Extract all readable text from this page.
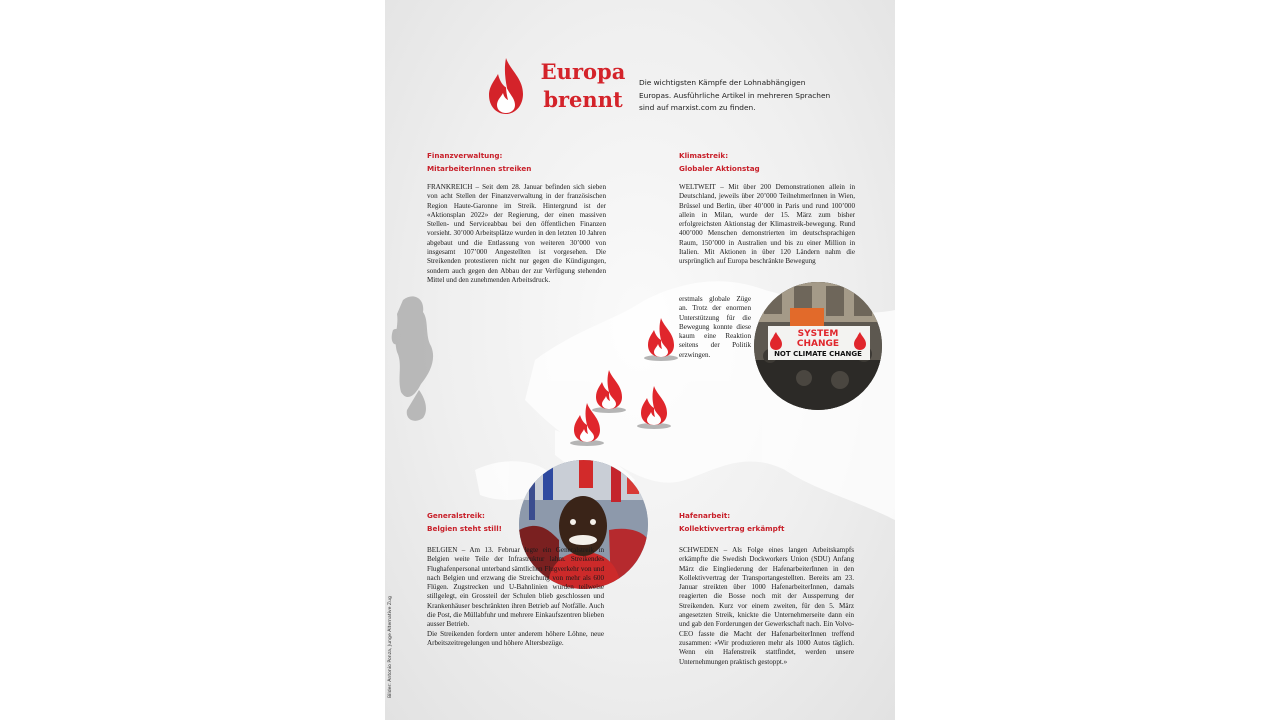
Europa
brennt
Die wichtigsten Kämpfe der Lohnabhängigen Europas. Ausführliche Artikel in mehreren Sprachen sind auf marxist.com zu finden.
Finanzverwaltung:
MitarbeiterInnen streiken

FRANKREICH – Seit dem 28. Januar befinden sich sieben von acht Stellen der Finanzverwaltung in der französischen Region Haute-Garonne im Streik. Hintergrund ist der «Aktionsplan 2022» der Regierung, der einen massiven Stellen- und Serviceabbau bei den öffentlichen Finanzen vorsieht. 30’000 Arbeitsplätze wurden in den letzten 10 Jahren abgebaut und die Entlassung von weiteren 30’000 von insgesamt 107’000 Angestellten ist vorgesehen. Die Streikenden protestieren nicht nur gegen die Kündigungen, sondern auch gegen den Abbau der zur Verfügung stehenden Mittel und den zunehmenden Arbeitsdruck.

Klimastreik:
Globaler Aktionstag

WELTWEIT – Mit über 200 Demonstrationen allein in Deutschland, jeweils über 20’000 TeilnehmerInnen in Wien, Brüssel und Berlin, über 40’000 in Paris und rund 100’000 allein in Milan, wurde der 15. März zum bisher erfolgreichsten Aktionstag der Klimastreik-bewegung. Rund 400’000 Menschen demonstrierten im deutschsprachigen Raum, 150’000 in Australien und bis zu einer Million in Italien. Mit Aktionen in über 120 Ländern nahm die ursprünglich auf Europa beschränkte Bewegung

erstmals globale Züge an. Trotz der enormen Unterstützung für die Bewegung konnte diese kaum eine Reaktion seitens der Politik erzwingen.

SYSTEM
CHANGE
NOT CLIMATE CHANGE
Generalstreik:
Belgien steht still!

BELGIEN – Am 13. Februar legte ein Generalstreik in Belgien weite Teile der Infrastruktur lahm. Streikendes Flughafenpersonal unterband sämtlichen Flugverkehr von und nach Belgien und erzwang die Streichung von mehr als 600 Flügen. Zugstrecken und U-Bahnlinien wurden teilweise stillgelegt, ein Grossteil der Schulen blieb geschlossen und Krankenhäuser beschränkten ihren Betrieb auf Notfälle. Auch die Post, die Müllabfuhr und mehrere Einkaufszentren blieben ausser Betrieb.

Die Streikenden fordern unter anderem höhere Löhne, neue Arbeitszeitregelungen und höhere Altersbezüge.

Hafenarbeit:
Kollektivvertrag erkämpft

SCHWEDEN – Als Folge eines langen Arbeitskampfs erkämpfte die Swedish Dockworkers Union (SDU) Anfang März die Eingliederung der HafenarbeiterInnen in den Kollektivvertrag der Transportangestellten. Bereits am 23. Januar streikten über 1000 HafenarbeiterInnen, damals reagierten die Bosse noch mit der Aussperrung der Streikenden. Kurz vor einem zweiten, für den 5. März angesetzten Streik, knickte die Unternehmerseite dann ein und gab den Forderungen der Gewerkschaft nach. Ein Volvo-CEO fasste die Macht der HafenarbeiterInnen treffend zusammen: «Wir produzieren mehr als 1000 Autos täglich. Wenn ein Hafenstreik stattfindet, werden unsere Unternehmungen praktisch gestoppt.»

Bilder: Antonio Ponza, Junge Alternative Zug
